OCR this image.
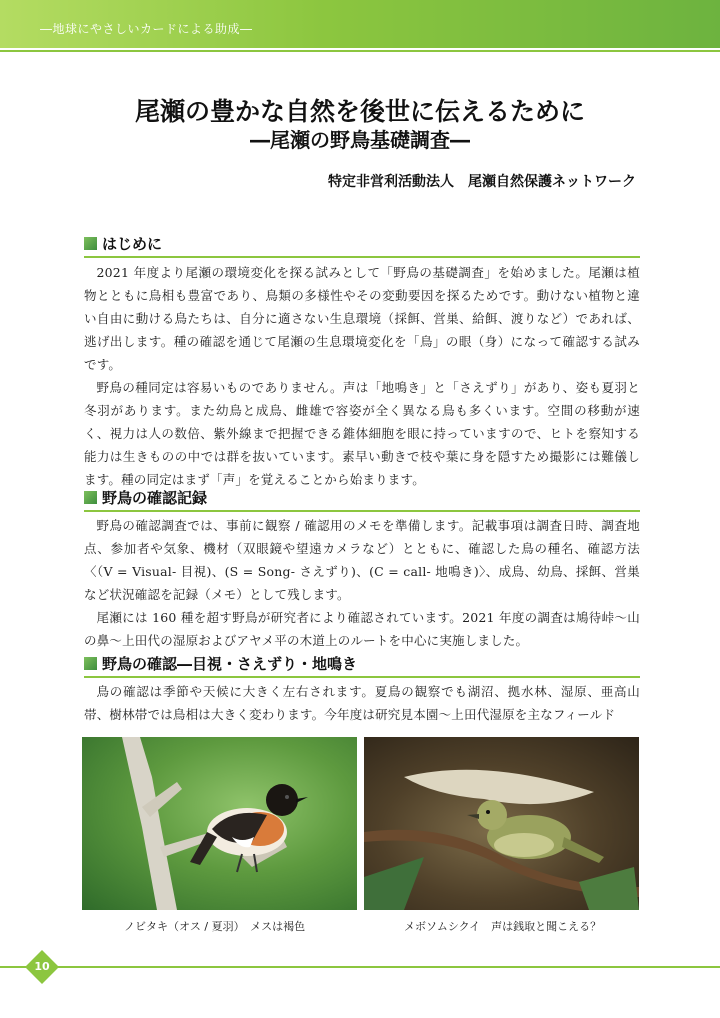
―地球にやさしいカードによる助成―
尾瀬の豊かな自然を後世に伝えるために
―尾瀬の野鳥基礎調査―
特定非営利活動法人　尾瀬自然保護ネットワーク
はじめに

2021 年度より尾瀬の環境変化を探る試みとして「野鳥の基礎調査」を始めました。尾瀬は植物とともに鳥相も豊富であり、鳥類の多様性やその変動要因を探るためです。動けない植物と違い自由に動ける鳥たちは、自分に適さない生息環境（採餌、営巣、給餌、渡りなど）であれば、逃げ出します。種の確認を通じて尾瀬の生息環境変化を「鳥」の眼（身）になって確認する試みです。

野鳥の種同定は容易いものでありません。声は「地鳴き」と「さえずり」があり、姿も夏羽と冬羽があります。また幼鳥と成鳥、雌雄で容姿が全く異なる鳥も多くいます。空間の移動が速く、視力は人の数倍、紫外線まで把握できる錐体細胞を眼に持っていますので、ヒトを察知する能力は生きものの中では群を抜いています。素早い動きで枝や葉に身を隠すため撮影には難儀します。種の同定はまず「声」を覚えることから始まります。

野鳥の確認記録

野鳥の確認調査では、事前に観察 / 確認用のメモを準備します。記載事項は調査日時、調査地点、参加者や気象、機材（双眼鏡や望遠カメラなど）とともに、確認した鳥の種名、確認方法〈（V = Visual- 目視)、(S = Song- さえずり)、(C = call- 地鳴き)〉、成鳥、幼鳥、採餌、営巣など状況確認を記録（メモ）として残します。

尾瀬には 160 種を超す野鳥が研究者により確認されています。2021 年度の調査は鳩待峠～山の鼻～上田代の湿原およびアヤメ平の木道上のルートを中心に実施しました。

野鳥の確認―目視・さえずり・地鳴き

鳥の確認は季節や天候に大きく左右されます。夏鳥の観察でも湖沼、拠水林、湿原、亜高山帯、樹林帯では鳥相は大きく変わります。今年度は研究見本園～上田代湿原を主なフィールド

ノビタキ（オス / 夏羽）　メスは褐色	メボソムシクイ　声は銭取と聞こえる？
10
